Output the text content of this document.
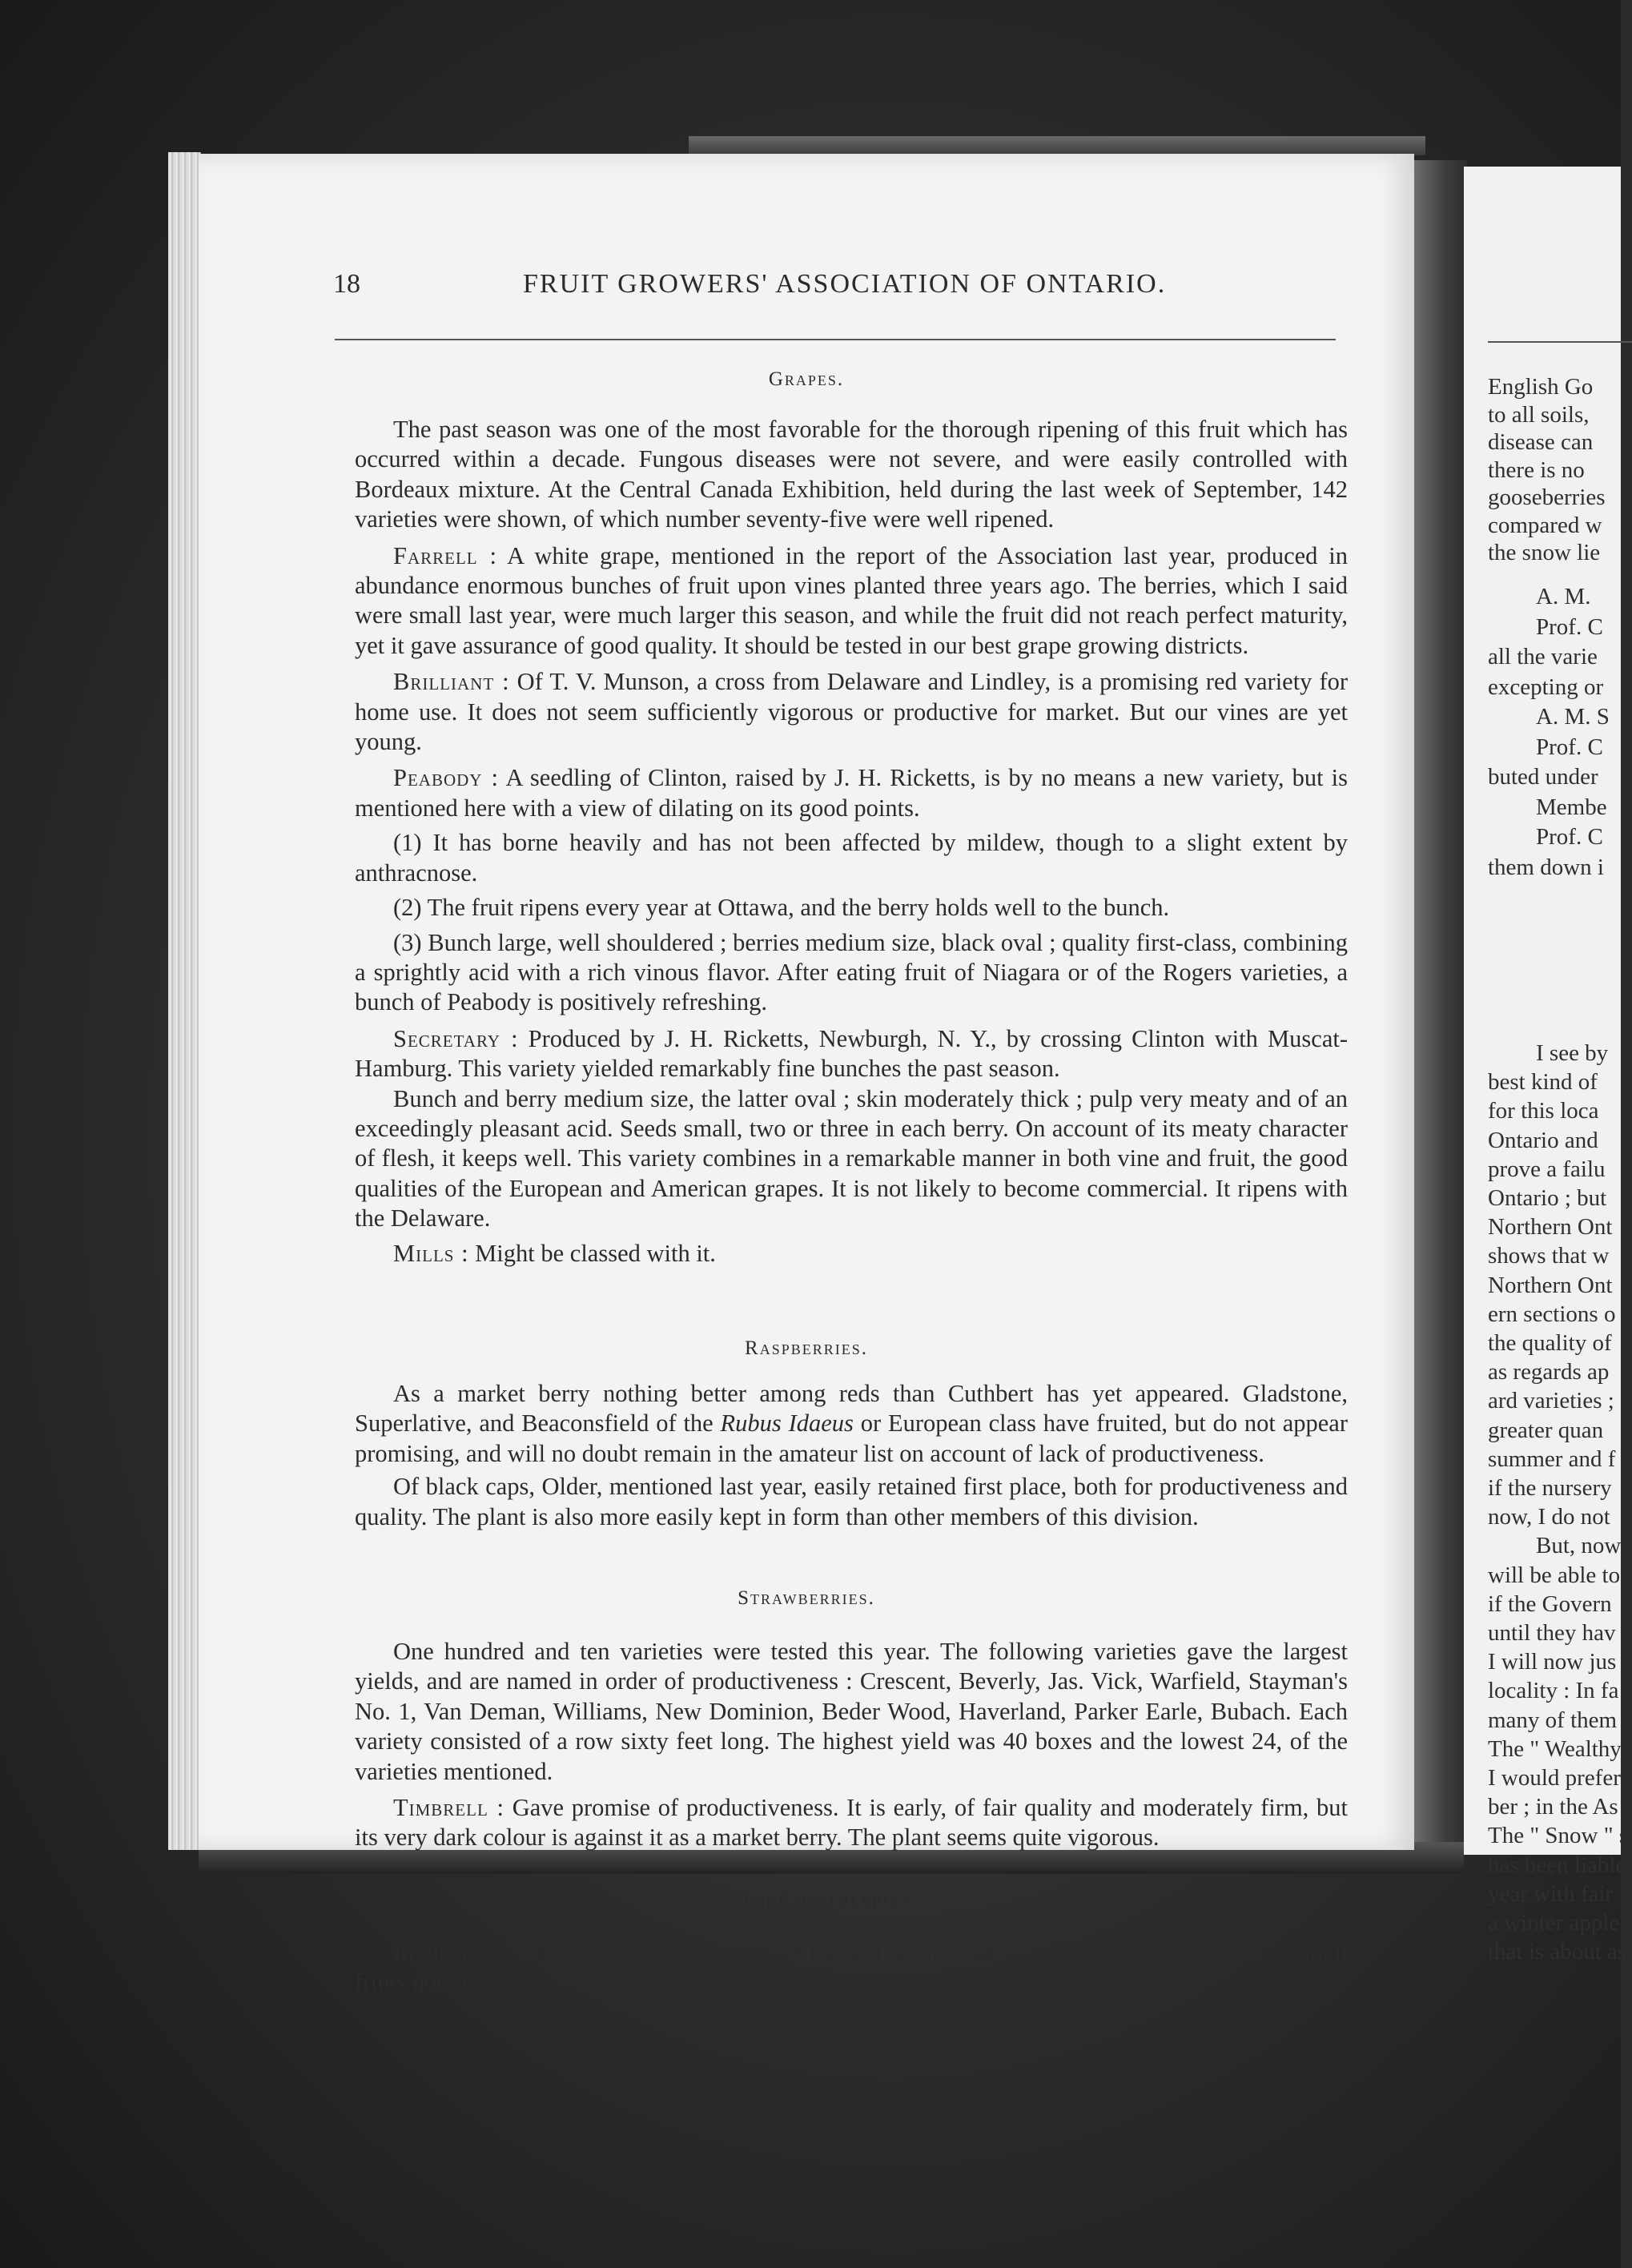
18	FRUIT GROWERS' ASSOCIATION OF ONTARIO.
Grapes.

The past season was one of the most favorable for the thorough ripening of this fruit which has occurred within a decade. Fungous diseases were not severe, and were easily controlled with Bordeaux mixture. At the Central Canada Exhibition, held during the last week of September, 142 varieties were shown, of which number seventy-five were well ripened.

Farrell : A white grape, mentioned in the report of the Association last year, produced in abundance enormous bunches of fruit upon vines planted three years ago. The berries, which I said were small last year, were much larger this season, and while the fruit did not reach perfect maturity, yet it gave assurance of good quality. It should be tested in our best grape growing districts.

Brilliant : Of T. V. Munson, a cross from Delaware and Lindley, is a promising red variety for home use. It does not seem sufficiently vigorous or productive for market. But our vines are yet young.

Peabody : A seedling of Clinton, raised by J. H. Ricketts, is by no means a new variety, but is mentioned here with a view of dilating on its good points.

(1) It has borne heavily and has not been affected by mildew, though to a slight extent by anthracnose.

(2) The fruit ripens every year at Ottawa, and the berry holds well to the bunch.

(3) Bunch large, well shouldered ; berries medium size, black oval ; quality first-class, combining a sprightly acid with a rich vinous flavor. After eating fruit of Niagara or of the Rogers varieties, a bunch of Peabody is positively refreshing.

Secretary : Produced by J. H. Ricketts, Newburgh, N. Y., by crossing Clinton with Muscat-Hamburg. This variety yielded remarkably fine bunches the past season.

Bunch and berry medium size, the latter oval ; skin moderately thick ; pulp very meaty and of an exceedingly pleasant acid. Seeds small, two or three in each berry. On account of its meaty character of flesh, it keeps well. This variety combines in a remarkable manner in both vine and fruit, the good qualities of the European and American grapes. It is not likely to become commercial. It ripens with the Delaware.

Mills : Might be classed with it.

Raspberries.

As a market berry nothing better among reds than Cuthbert has yet appeared. Gladstone, Superlative, and Beaconsfield of the Rubus Idaeus or European class have fruited, but do not appear promising, and will no doubt remain in the amateur list on account of lack of productiveness.

Of black caps, Older, mentioned last year, easily retained first place, both for productiveness and quality. The plant is also more easily kept in form than other members of this division.

Strawberries.

One hundred and ten varieties were tested this year. The following varieties gave the largest yields, and are named in order of productiveness : Crescent, Beverly, Jas. Vick, Warfield, Stayman's No. 1, Van Deman, Williams, New Dominion, Beder Wood, Haverland, Parker Earle, Bubach. Each variety consisted of a row sixty feet long. The highest yield was 40 boxes and the lowest 24, of the varieties mentioned.

Timbrell : Gave promise of productiveness. It is early, of fair quality and moderately firm, but its very dark colour is against it as a market berry. The plant seems quite vigorous.

English Gooseberries.

In closing this hasty review of the newer fruits, I would like to call attention to a class of small fruits not new, but unfortunately frequently overlooked. I refer to the

English Go
to all soils,
disease can
there is no
gooseberries
compared w
the snow lie
A. M.
Prof. C
all the varie
excepting or
A. M. S
Prof. C
buted under
Membe
Prof. C
them down i
I see by
best kind of
for this loca
Ontario and
prove a failu
Ontario ; but
Northern Ont
shows that w
Northern Ont
ern sections o
the quality of
as regards ap
ard varieties ;
greater quan
summer and f
if the nursery
now, I do not
But, now
will be able to
if the Govern
until they hav
I will now jus
locality : In fa
many of them
The " Wealthy
I would prefer
ber ; in the As
The " Snow " s
has been liable
year with fair
a winter apple
that is about as
